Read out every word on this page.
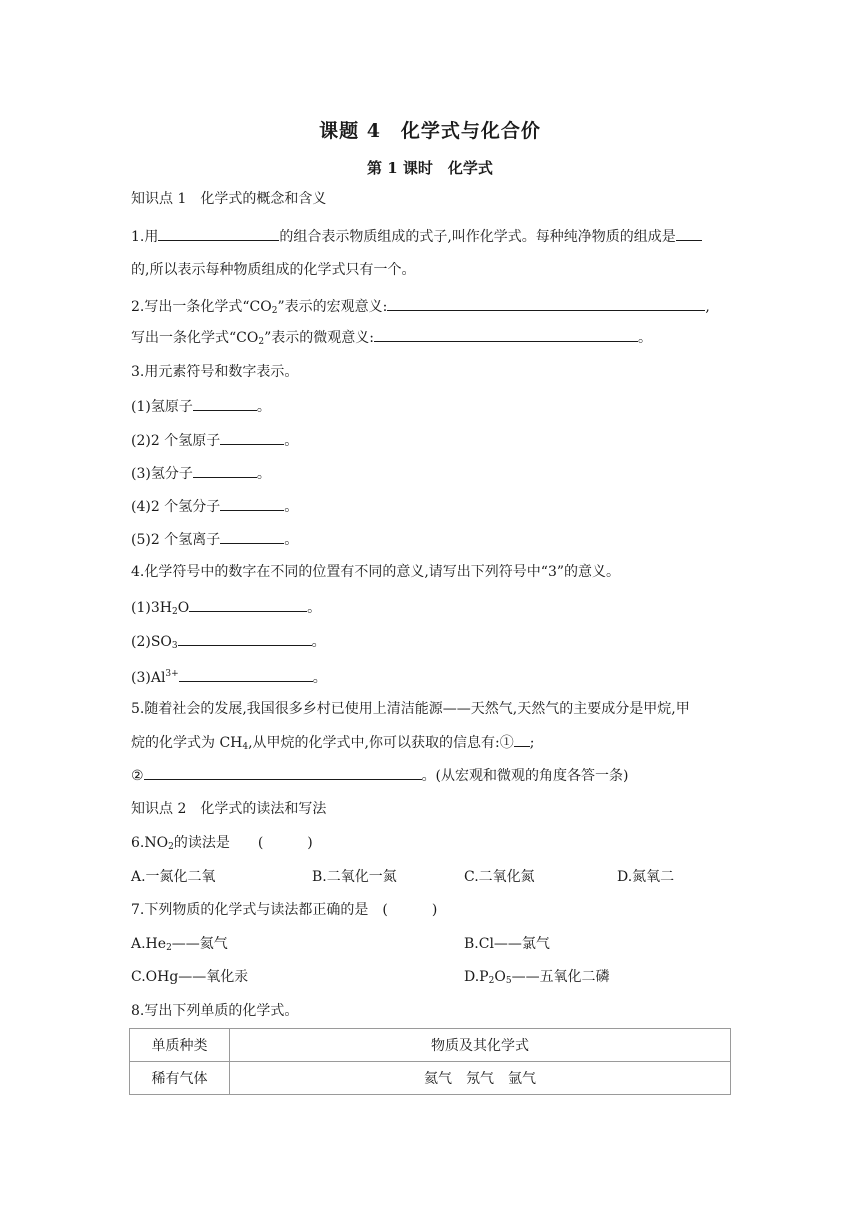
课题 4　化学式与化合价
第 1 课时　化学式
知识点 1　化学式的概念和含义
1.用	的组合表示物质组成的式子,叫作化学式。每种纯净物质的组成是
的,所以表示每种物质组成的化学式只有一个。
2.写出一条化学式“$CO_2$”表示的宏观意义:	,
写出一条化学式“$CO_2$”表示的微观意义:	。
3.用元素符号和数字表示。
(1)氢原子	。
(2)2 个氢原子	。
(3)氢分子	。
(4)2 个氢分子	。
(5)2 个氢离子	。
4.化学符号中的数字在不同的位置有不同的意义,请写出下列符号中“3”的意义。
$(1)3H_2O$	。
$(2)SO_3$	。
$(3)Al^{3+}$	。
5.随着社会的发展,我国很多乡村已使用上清洁能源——天然气,天然气的主要成分是甲烷,甲
烷的化学式为 $CH_4$,从甲烷的化学式中,你可以获取的信息有:① ;
②	。(从宏观和微观的角度各答一条)
知识点 2　化学式的读法和写法
$6.NO_2$的读法是　　 (	)
A.一氮化二氧	B.二氧化一氮	C.二氧化氮	D.氮氧二
7.下列物质的化学式与读法都正确的是　 (	)
$A.He_2——$氦气	B.Cl——氯气
C.OHg——氧化汞	$D.P_2O_5——$五氧化二磷
8.写出下列单质的化学式。
单质种类	物质及其化学式
稀有气体	氦气　氖气　氩气
